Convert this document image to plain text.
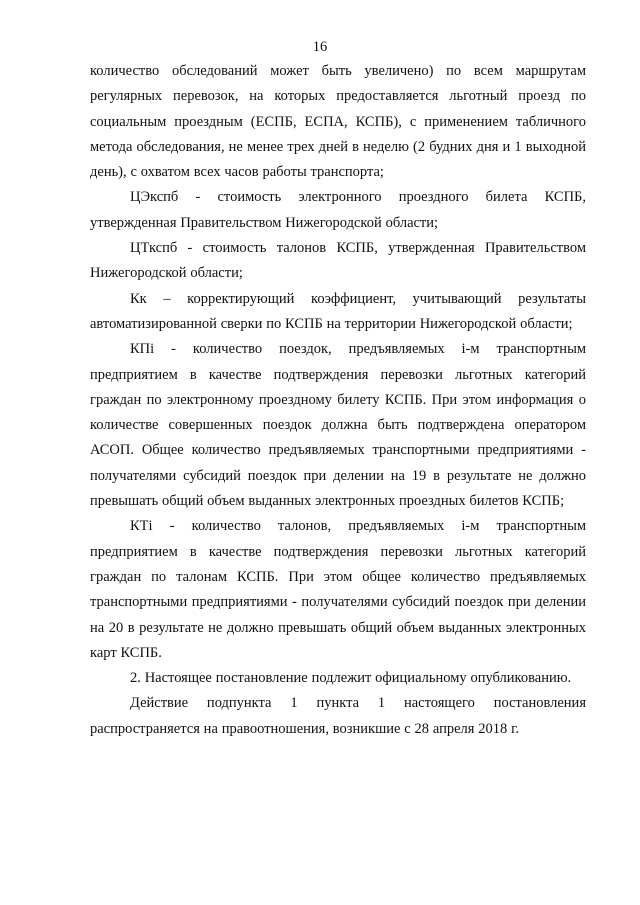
16

количество обследований может быть увеличено) по всем маршрутам регулярных перевозок, на которых предоставляется льготный проезд по социальным проездным (ЕСПБ, ЕСПА, КСПБ), с применением табличного метода обследования, не менее трех дней в неделю (2 будних дня и 1 выходной день), с охватом всех часов работы транспорта;

ЦЭкспб - стоимость электронного проездного билета КСПБ, утвержденная Правительством Нижегородской области;

ЦТкспб - стоимость талонов КСПБ, утвержденная Правительством Нижегородской области;

Кк – корректирующий коэффициент, учитывающий результаты автоматизированной сверки по КСПБ на территории Нижегородской области;

КПi - количество поездок, предъявляемых i-м транспортным предприятием в качестве подтверждения перевозки льготных категорий граждан по электронному проездному билету КСПБ. При этом информация о количестве совершенных поездок должна быть подтверждена оператором АСОП. Общее количество предъявляемых транспортными предприятиями - получателями субсидий поездок при делении на 19 в результате не должно превышать общий объем выданных электронных проездных билетов КСПБ;

КТi - количество талонов, предъявляемых i-м транспортным предприятием в качестве подтверждения перевозки льготных категорий граждан по талонам КСПБ. При этом общее количество предъявляемых транспортными предприятиями - получателями субсидий поездок при делении на 20 в результате не должно превышать общий объем выданных электронных карт КСПБ.

2. Настоящее постановление подлежит официальному опубликованию.

Действие подпункта 1 пункта 1 настоящего постановления распространяется на правоотношения, возникшие с 28 апреля 2018 г.
